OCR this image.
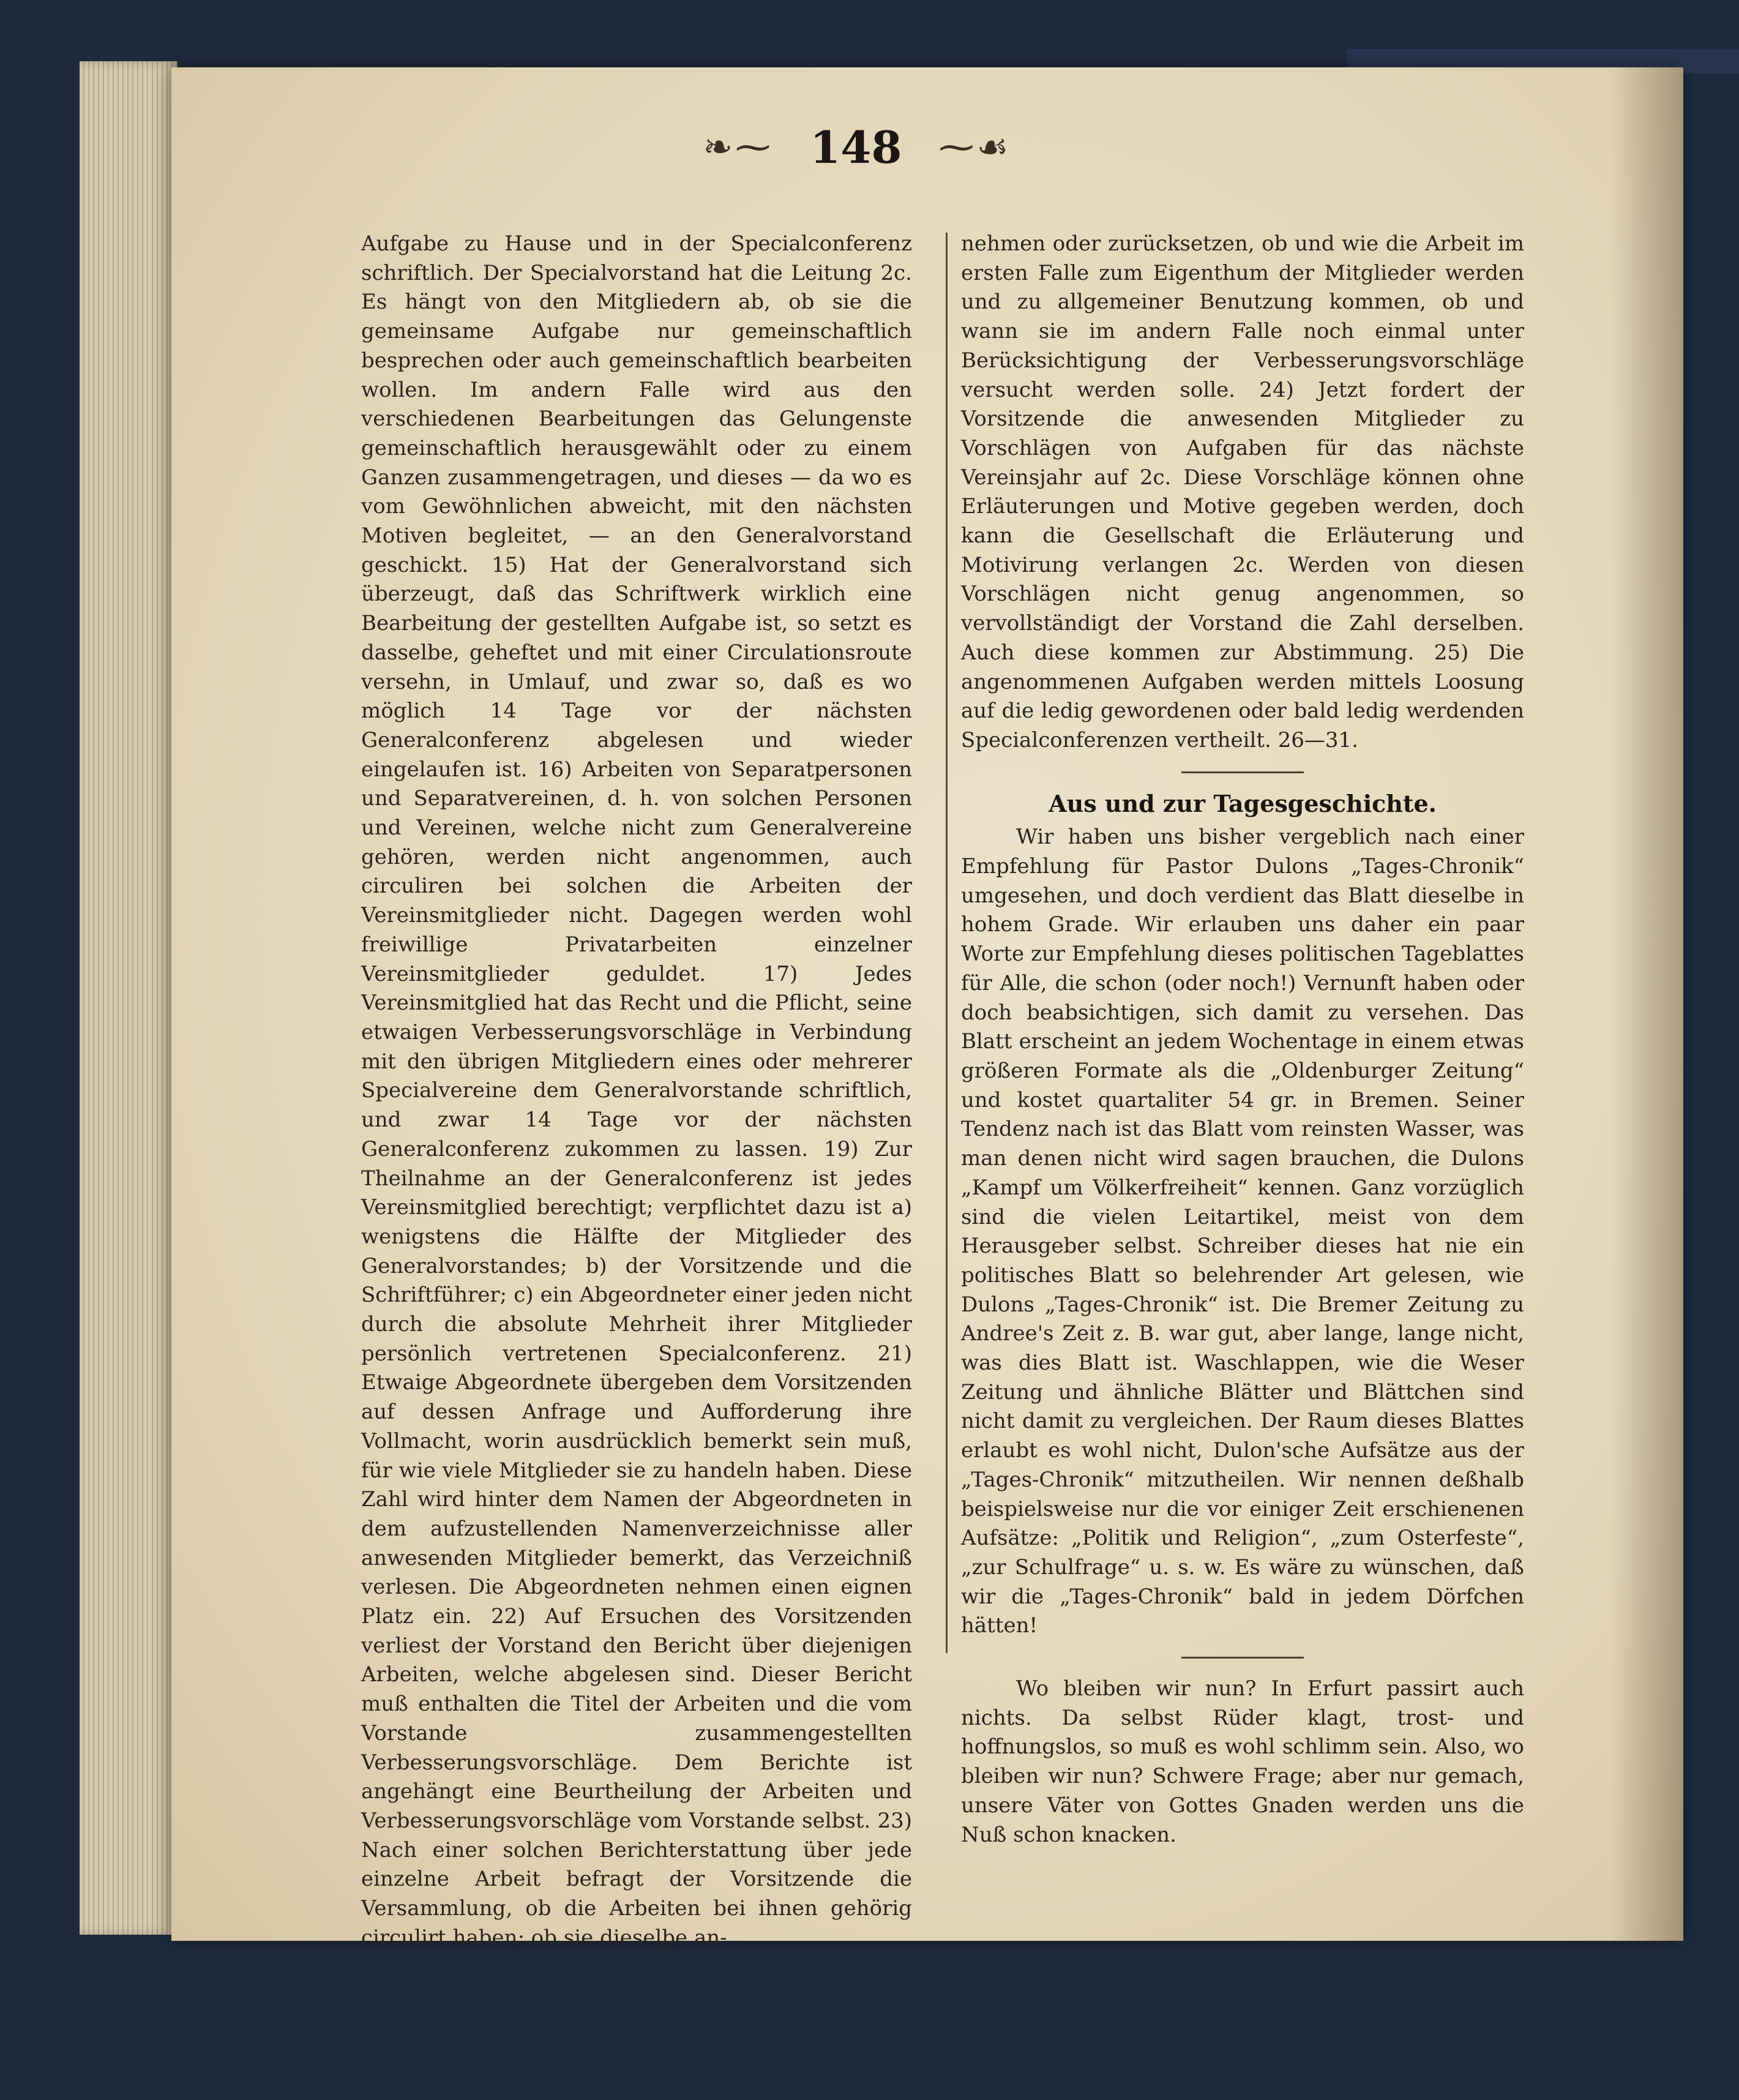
❧⁓ 148 ⁓☙

Aufgabe zu Hause und in der Specialconferenz schriftlich. Der Specialvorstand hat die Leitung 2c. Es hängt von den Mitgliedern ab, ob sie die gemeinsame Aufgabe nur gemeinschaftlich besprechen oder auch gemeinschaftlich bearbeiten wollen. Im andern Falle wird aus den verschiedenen Bearbeitungen das Gelungenste gemeinschaftlich herausgewählt oder zu einem Ganzen zusammengetragen, und dieses — da wo es vom Gewöhnlichen abweicht, mit den nächsten Motiven begleitet, — an den Generalvorstand geschickt. 15) Hat der Generalvorstand sich überzeugt, daß das Schriftwerk wirklich eine Bearbeitung der gestellten Aufgabe ist, so setzt es dasselbe, geheftet und mit einer Circulationsroute versehn, in Umlauf, und zwar so, daß es wo möglich 14 Tage vor der nächsten Generalconferenz abgelesen und wieder eingelaufen ist. 16) Arbeiten von Separatpersonen und Separatvereinen, d. h. von solchen Personen und Vereinen, welche nicht zum Generalvereine gehören, werden nicht angenommen, auch circuliren bei solchen die Arbeiten der Vereinsmitglieder nicht. Dagegen werden wohl freiwillige Privatarbeiten einzelner Vereinsmitglieder geduldet. 17) Jedes Vereinsmitglied hat das Recht und die Pflicht, seine etwaigen Verbesserungsvorschläge in Verbindung mit den übrigen Mitgliedern eines oder mehrerer Specialvereine dem Generalvorstande schriftlich, und zwar 14 Tage vor der nächsten Generalconferenz zukommen zu lassen. 19) Zur Theilnahme an der Generalconferenz ist jedes Vereinsmitglied berechtigt; verpflichtet dazu ist a) wenigstens die Hälfte der Mitglieder des Generalvorstandes; b) der Vorsitzende und die Schriftführer; c) ein Abgeordneter einer jeden nicht durch die absolute Mehrheit ihrer Mitglieder persönlich vertretenen Specialconferenz. 21) Etwaige Abgeordnete übergeben dem Vorsitzenden auf dessen Anfrage und Aufforderung ihre Vollmacht, worin ausdrücklich bemerkt sein muß, für wie viele Mitglieder sie zu handeln haben. Diese Zahl wird hinter dem Namen der Abgeordneten in dem aufzustellenden Namenverzeichnisse aller anwesenden Mitglieder bemerkt, das Verzeichniß verlesen. Die Abgeordneten nehmen einen eignen Platz ein. 22) Auf Ersuchen des Vorsitzenden verliest der Vorstand den Bericht über diejenigen Arbeiten, welche abgelesen sind. Dieser Bericht muß enthalten die Titel der Arbeiten und die vom Vorstande zusammengestellten Verbesserungsvorschläge. Dem Berichte ist angehängt eine Beurtheilung der Arbeiten und Verbesserungsvorschläge vom Vorstande selbst. 23) Nach einer solchen Berichterstattung über jede einzelne Arbeit befragt der Vorsitzende die Versammlung, ob die Arbeiten bei ihnen gehörig circulirt haben; ob sie dieselbe an-

nehmen oder zurücksetzen, ob und wie die Arbeit im ersten Falle zum Eigenthum der Mitglieder werden und zu allgemeiner Benutzung kommen, ob und wann sie im andern Falle noch einmal unter Berücksichtigung der Verbesserungsvorschläge versucht werden solle. 24) Jetzt fordert der Vorsitzende die anwesenden Mitglieder zu Vorschlägen von Aufgaben für das nächste Vereinsjahr auf 2c. Diese Vorschläge können ohne Erläuterungen und Motive gegeben werden, doch kann die Gesellschaft die Erläuterung und Motivirung verlangen 2c. Werden von diesen Vorschlägen nicht genug angenommen, so vervollständigt der Vorstand die Zahl derselben. Auch diese kommen zur Abstimmung. 25) Die angenommenen Aufgaben werden mittels Loosung auf die ledig gewordenen oder bald ledig werdenden Specialconferenzen vertheilt. 26—31.

Aus und zur Tagesgeschichte.

Wir haben uns bisher vergeblich nach einer Empfehlung für Pastor Dulons „Tages-Chronik“ umgesehen, und doch verdient das Blatt dieselbe in hohem Grade. Wir erlauben uns daher ein paar Worte zur Empfehlung dieses politischen Tageblattes für Alle, die schon (oder noch!) Vernunft haben oder doch beabsichtigen, sich damit zu versehen. Das Blatt erscheint an jedem Wochentage in einem etwas größeren Formate als die „Oldenburger Zeitung“ und kostet quartaliter 54 gr. in Bremen. Seiner Tendenz nach ist das Blatt vom reinsten Wasser, was man denen nicht wird sagen brauchen, die Dulons „Kampf um Völkerfreiheit“ kennen. Ganz vorzüglich sind die vielen Leitartikel, meist von dem Herausgeber selbst. Schreiber dieses hat nie ein politisches Blatt so belehrender Art gelesen, wie Dulons „Tages-Chronik“ ist. Die Bremer Zeitung zu Andree's Zeit z. B. war gut, aber lange, lange nicht, was dies Blatt ist. Waschlappen, wie die Weser Zeitung und ähnliche Blätter und Blättchen sind nicht damit zu vergleichen. Der Raum dieses Blattes erlaubt es wohl nicht, Dulon'sche Aufsätze aus der „Tages-Chronik“ mitzutheilen. Wir nennen deßhalb beispielsweise nur die vor einiger Zeit erschienenen Aufsätze: „Politik und Religion“, „zum Osterfeste“, „zur Schulfrage“ u. s. w. Es wäre zu wünschen, daß wir die „Tages-Chronik“ bald in jedem Dörfchen hätten!

Wo bleiben wir nun? In Erfurt passirt auch nichts. Da selbst Rüder klagt, trost- und hoffnungslos, so muß es wohl schlimm sein. Also, wo bleiben wir nun? Schwere Frage; aber nur gemach, unsere Väter von Gottes Gnaden werden uns die Nuß schon knacken.
